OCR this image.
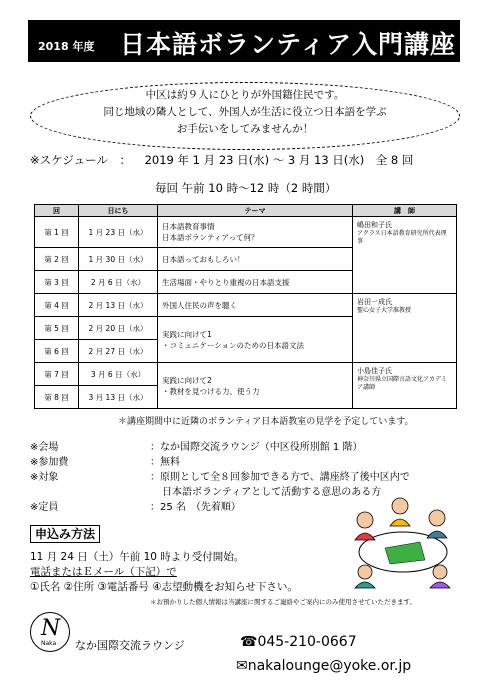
2018 年度 日本語ボランティア入門講座

中区は約９人にひとりが外国籍住民です。

同じ地域の隣人として、外国人が生活に役立つ日本語を学ぶ

お手伝いをしてみませんか！

※スケジュール　： 2019 年 1 月 23 日(水) 〜 3 月 13 日(水)　全 8 回
毎回 午前 10 時〜12 時（2 時間）
回	日にち	テーマ	講　師
第 1 回	1 月 23 日（水）	日本語教育事情
日本語ボランティアって何？	嶋田和子氏
アクラス日本語教育研究所代表理事

第 2 回	1 月 30 日（水）	日本語っておもしろい！	
第 3 回	2 月 6 日（水）	生活場面・やりとり重視の日本語支援	
第 4 回	2 月 13 日（水）	外国人住民の声を聴く	岩田一成氏
聖心女子大学准教授

第 5 回	2 月 20 日（水）	実践に向けて1
・コミュニケーションのための日本語文法	
第 6 回	2 月 27 日（水）		
第 7 回	3 月 6 日（水）	実践に向けて2
・教材を見つける力、使う力	小島佳子氏
神奈川県立国際言語文化アカデミア講師

第 8 回	3 月 13 日（水）		
＊講座期間中に近隣のボランティア日本語教室の見学を予定しています。
※会場	：なか国際交流ラウンジ（中区役所別館 1 階）
※参加費	：無料
※対象	：原則として全８回参加できる方で、講座終了後中区内で
日本語ボランティアとして活動する意思のある方
※定員	：25 名　（先着順）
申込み方法
11 月 24 日（土）午前 10 時より受付開始。
電話またはＥメール（下記）で
①氏名 ②住所 ③電話番号 ④志望動機をお知らせ下さい。
＊お預かりした個人情報は当講座に関するご連絡やご案内にのみ使用させていただきます。
N
Naka なか国際交流ラウンジ	☎045-210-0667
✉nakalounge@yoke.or.jp
